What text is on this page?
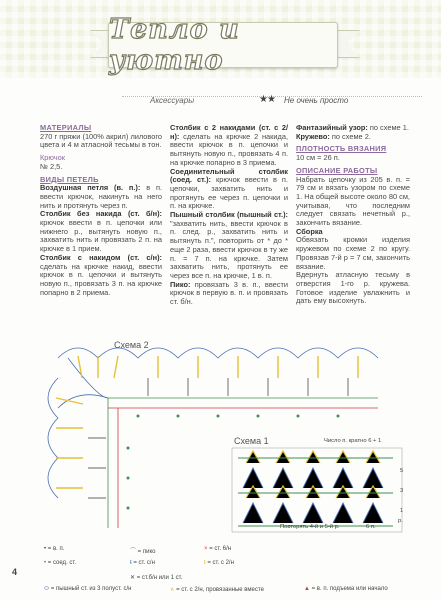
Тепло и уютно
Аксессуары	★★ Не очень просто
МАТЕРИАЛЫ

270 г пряжи (100% акрил) лилового цвета и 4 м атласной тесьмы в тон.

Крючок

№ 2,5.

ВИДЫ ПЕТЕЛЬ

Воздушная петля (в. п.): в п. ввести крючок, накинуть на него нить и протянуть через п.

Столбик без накида (ст. б/н): крючок ввести в п. цепочки или нижнего р., вытянуть новую п., захватить нить и провязать 2 п. на крючке в 1 прием.

Столбик с накидом (ст. с/н): сделать на крючке накид, ввести крючок в п. цепочки и вытянуть новую п., провязать 3 п. на крючке попарно в 2 приема.

Столбик с 2 накидами (ст. с 2/н): сделать на крючке 2 накида, ввести крючок в п. цепочки и вытянуть новую п., провязать 4 п. на крючке попарно в 3 приема.

Соединительный столбик (соед. ст.): крючок ввести в п. цепочки, захватить нить и протянуть ее через п. цепочки и п. на крючке.

Пышный столбик (пышный ст.): "захватить нить, ввести крючок в п. след. р., захватить нить и вытянуть п.", повторить от * до * еще 2 раза, ввести крючок в ту же п. = 7 п. на крючке. Затем захватить нить, протянуть ее через все п. на крючке, 1 в. п.

Пико: провязать 3 в. п., ввести крючок в первую в. п. и провязать ст. б/н.

Фантазийный узор: по схеме 1.

Кружево: по схеме 2.

ПЛОТНОСТЬ ВЯЗАНИЯ

10 см = 26 п.

ОПИСАНИЕ РАБОТЫ

Набрать цепочку из 205 в. п. = 79 см и вязать узором по схеме 1. На общей высоте около 80 см, учитывая, что последним следует связать нечетный р., закончить вязание.

Сборка

Обвязать кромки изделия кружевом по схеме 2 по кругу. Провязав 7-й р = 7 см, закончить вязание.

Вдернуть атласную тесьму в отверстия 1-го р. кружева. Готовое изделие увлажнить и дать ему высохнуть.

Схема 2
Схема 1	Число п. кратно 6 + 1
Повторять 4-й и 5-й р.	6 п.
5
3
1
р.
• = в. п.	⌒ = пико	× = ст. 6/н
• = соед. ст.	ŧ = ст. с/н	ŧ = ст. с 2/н
✕ = ст.б/н или 1 ст.
⬭ = пышный ст. из 3 полуст. с/н	∧ = ст. с 2/н, провязанные вместе	▲ = в. п. подъема или начало
4
